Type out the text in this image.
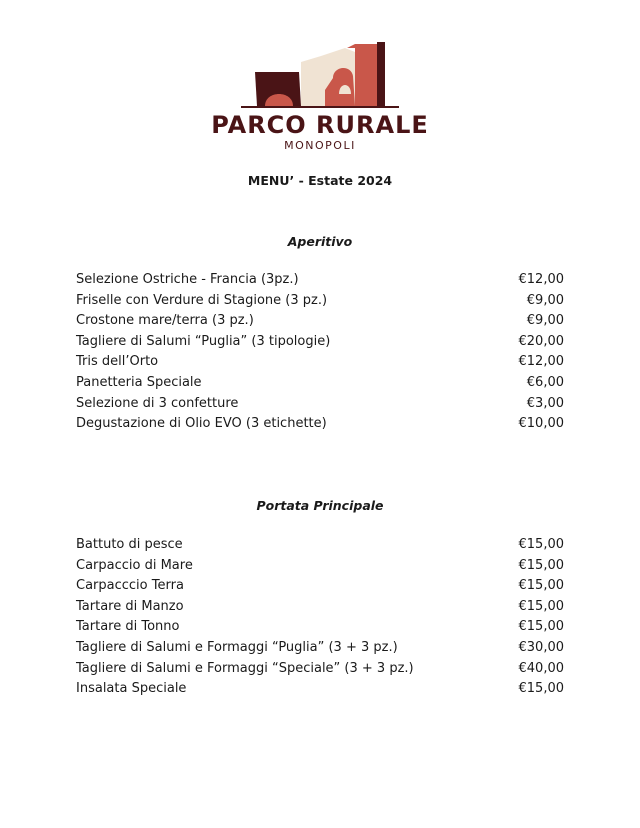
PARCO RURALE
MONOPOLI
MENU’ - Estate 2024
Aperitivo
Selezione Ostriche - Francia (3pz.)	€12,00
Friselle con Verdure di Stagione (3 pz.)	€9,00
Crostone mare/terra (3 pz.)	€9,00
Tagliere di Salumi “Puglia” (3 tipologie)	€20,00
Tris dell’Orto	€12,00
Panetteria Speciale	€6,00
Selezione di 3 confetture	€3,00
Degustazione di Olio EVO (3 etichette)	€10,00
Portata Principale
Battuto di pesce	€15,00
Carpaccio di Mare	€15,00
Carpacccio Terra	€15,00
Tartare di Manzo	€15,00
Tartare di Tonno	€15,00
Tagliere di Salumi e Formaggi “Puglia” (3 + 3 pz.)	€30,00
Tagliere di Salumi e Formaggi “Speciale” (3 + 3 pz.)	€40,00
Insalata Speciale	€15,00
